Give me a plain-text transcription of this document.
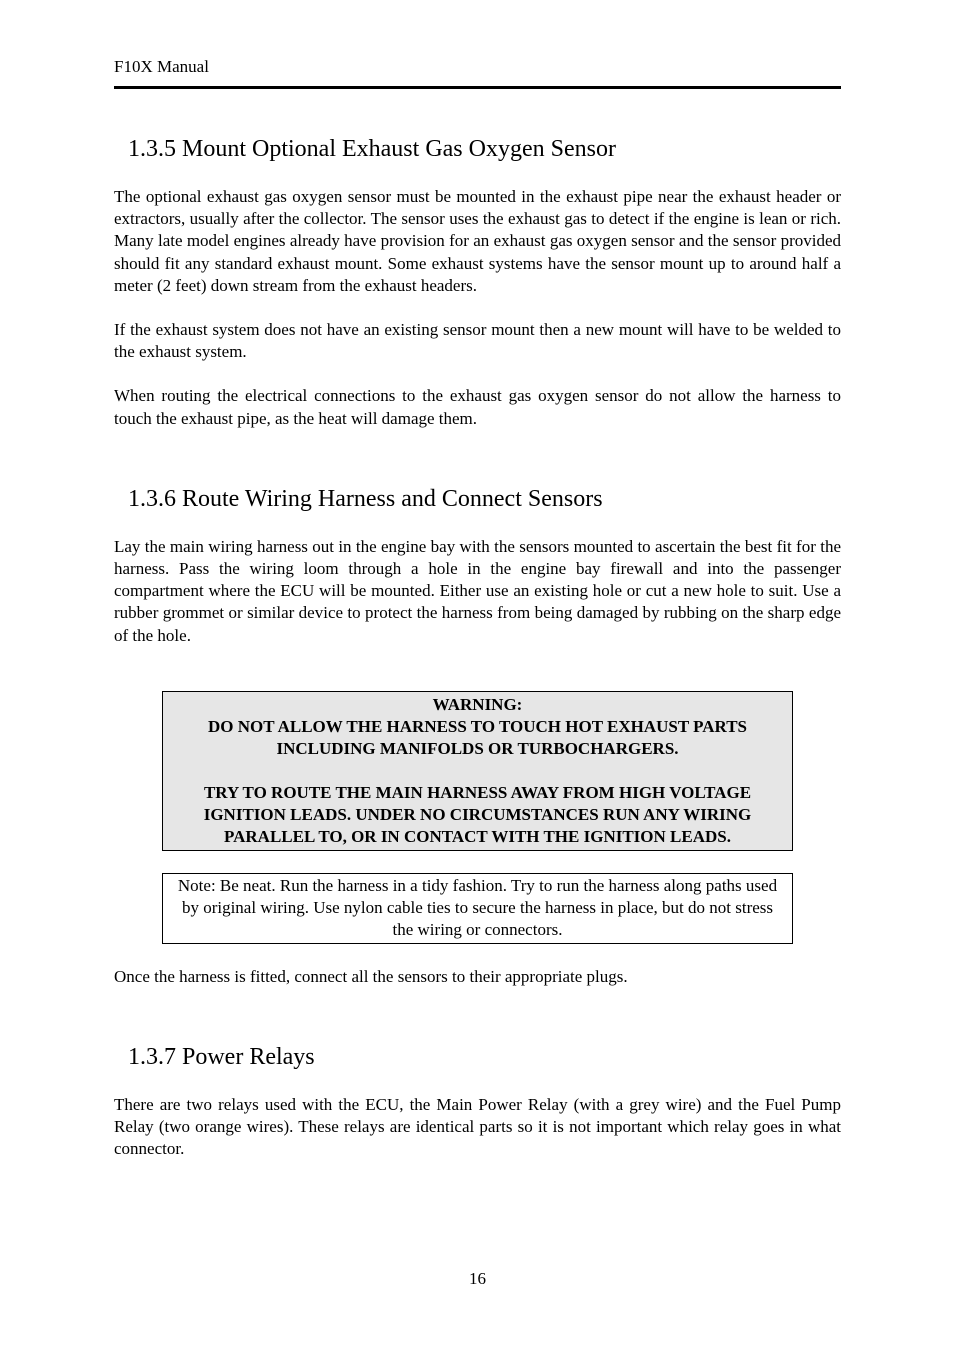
F10X Manual
1.3.5 Mount Optional Exhaust Gas Oxygen Sensor

The optional exhaust gas oxygen sensor must be mounted in the exhaust pipe near the exhaust header or extractors, usually after the collector. The sensor uses the exhaust gas to detect if the engine is lean or rich. Many late model engines already have provision for an exhaust gas oxygen sensor and the sensor provided should fit any standard exhaust mount. Some exhaust systems have the sensor mount up to around half a meter (2 feet) down stream from the exhaust headers.

If the exhaust system does not have an existing sensor mount then a new mount will have to be welded to the exhaust system.

When routing the electrical connections to the exhaust gas oxygen sensor do not allow the harness to touch the exhaust pipe, as the heat will damage them.

1.3.6 Route Wiring Harness and Connect Sensors

Lay the main wiring harness out in the engine bay with the sensors mounted to ascertain the best fit for the harness. Pass the wiring loom through a hole in the engine bay firewall and into the passenger compartment where the ECU will be mounted. Either use an existing hole or cut a new hole to suit. Use a rubber grommet or similar device to protect the harness from being damaged by rubbing on the sharp edge of the hole.

WARNING:
DO NOT ALLOW THE HARNESS TO TOUCH HOT EXHAUST PARTS INCLUDING MANIFOLDS OR TURBOCHARGERS.
TRY TO ROUTE THE MAIN HARNESS AWAY FROM HIGH VOLTAGE IGNITION LEADS. UNDER NO CIRCUMSTANCES RUN ANY WIRING PARALLEL TO, OR IN CONTACT WITH THE IGNITION LEADS.
Note: Be neat. Run the harness in a tidy fashion. Try to run the harness along paths used by original wiring. Use nylon cable ties to secure the harness in place, but do not stress the wiring or connectors.

Once the harness is fitted, connect all the sensors to their appropriate plugs.

1.3.7 Power Relays

There are two relays used with the ECU, the Main Power Relay (with a grey wire) and the Fuel Pump Relay (two orange wires). These relays are identical parts so it is not important which relay goes in what connector.

16
